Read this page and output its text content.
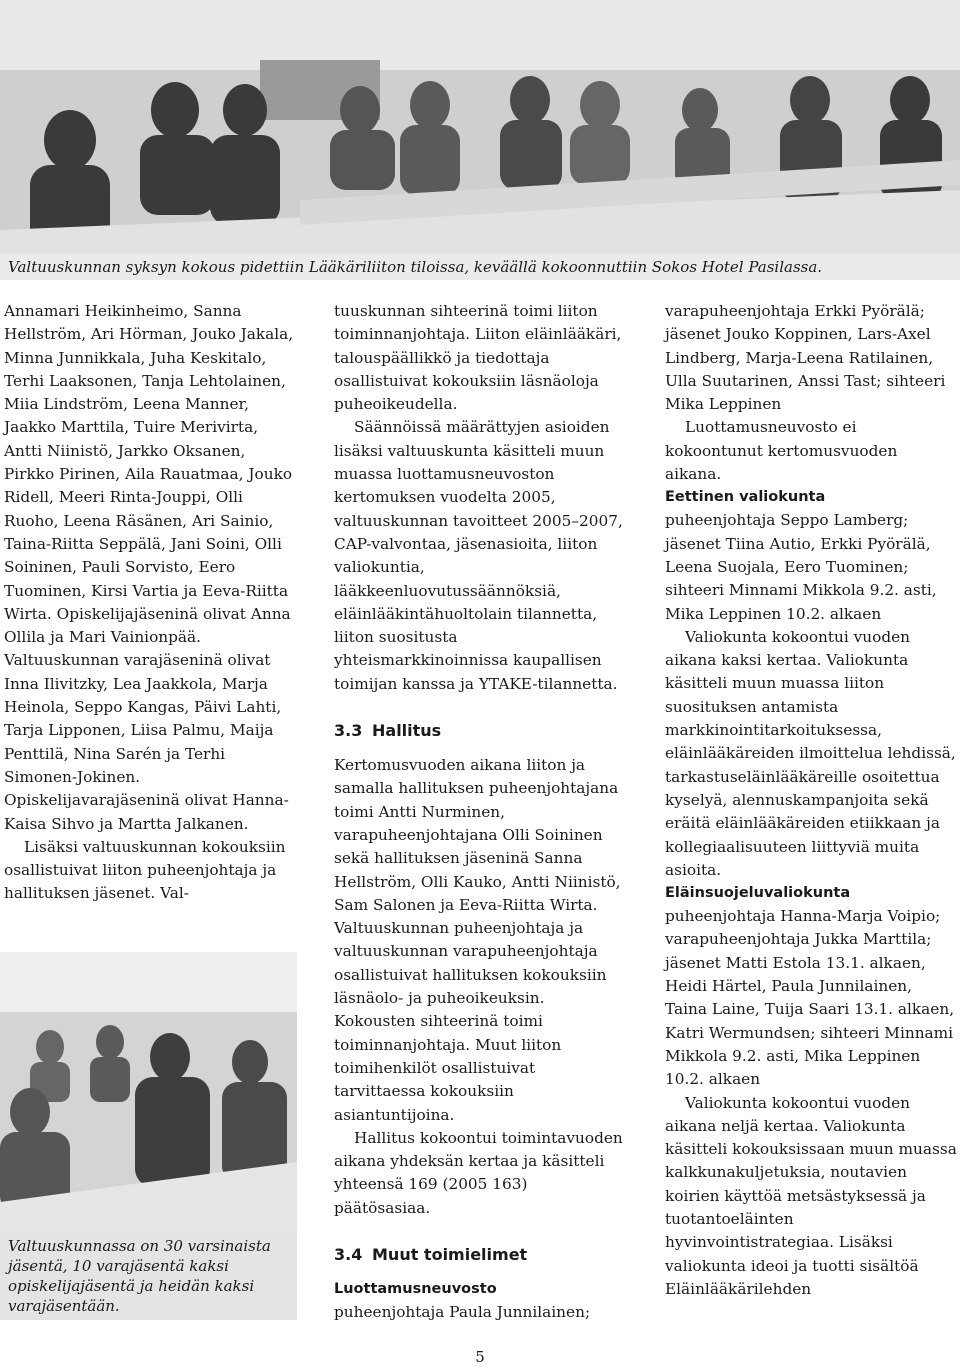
Valtuuskunnan syksyn kokous pidettiin Lääkäriliiton tiloissa, keväällä kokoonnuttiin Sokos Hotel Pasilassa.

Annamari Heikinheimo, Sanna Hellström, Ari Hörman, Jouko Jakala, Minna Junnikkala, Juha Keskitalo, Terhi Laaksonen, Tanja Lehtolainen, Miia Lindström, Leena Manner, Jaakko Marttila, Tuire Merivirta, Antti Niinistö, Jarkko Oksanen, Pirkko Pirinen, Aila Rauatmaa, Jouko Ridell, Meeri Rinta-Jouppi, Olli Ruoho, Leena Räsänen, Ari Sainio, Taina-Riitta Seppälä, Jani Soini, Olli Soininen, Pauli Sorvisto, Eero Tuominen, Kirsi Vartia ja Eeva-Riitta Wirta. Opiskelijajäseninä olivat Anna Ollila ja Mari Vainionpää. Valtuuskunnan varajäseninä olivat Inna Ilivitzky, Lea Jaakkola, Marja Heinola, Seppo Kangas, Päivi Lahti, Tarja Lipponen, Liisa Palmu, Maija Penttilä, Nina Sarén ja Terhi Simonen-Jokinen. Opiskelijavarajäseninä olivat Hanna-Kaisa Sihvo ja Martta Jalkanen.

Lisäksi valtuuskunnan kokouksiin osallistuivat liiton puheenjohtaja ja hallituksen jäsenet. Val-

Valtuuskunnassa on 30 varsinaista jäsentä, 10 varajäsentä kaksi opiskelijajäsentä ja heidän kaksi varajäsentään.

tuuskunnan sihteerinä toimi liiton toiminnanjohtaja. Liiton eläinlääkäri, talouspäällikkö ja tiedottaja osallistuivat kokouksiin läsnäoloja puheoikeudella.

Säännöissä määrättyjen asioiden lisäksi valtuuskunta käsitteli muun muassa luottamusneuvoston kertomuksen vuodelta 2005, valtuuskunnan tavoitteet 2005–2007, CAP-valvontaa, jäsenasioita, liiton valiokuntia, lääkkeenluovutussäännöksiä, eläinlääkintähuoltolain tilannetta, liiton suositusta yhteismarkkinoinnissa kaupallisen toimijan kanssa ja YTAKE-tilannetta.

3.3 Hallitus

Kertomusvuoden aikana liiton ja samalla hallituksen puheenjohtajana toimi Antti Nurminen, varapuheenjohtajana Olli Soininen sekä hallituksen jäseninä Sanna Hellström, Olli Kauko, Antti Niinistö, Sam Salonen ja Eeva-Riitta Wirta. Valtuuskunnan puheenjohtaja ja valtuuskunnan varapuheenjohtaja osallistuivat hallituksen kokouksiin läsnäolo- ja puheoikeuksin. Kokousten sihteerinä toimi toiminnanjohtaja. Muut liiton toimihenkilöt osallistuivat tarvittaessa kokouksiin asiantuntijoina.

Hallitus kokoontui toimintavuoden aikana yhdeksän kertaa ja käsitteli yhteensä 169 (2005 163) päätösasiaa.

3.4 Muut toimielimet

Luottamusneuvosto

puheenjohtaja Paula Junnilainen;

varapuheenjohtaja Erkki Pyörälä; jäsenet Jouko Koppinen, Lars-Axel Lindberg, Marja-Leena Ratilainen, Ulla Suutarinen, Anssi Tast; sihteeri Mika Leppinen

Luottamusneuvosto ei kokoontunut kertomusvuoden aikana.

Eettinen valiokunta

puheenjohtaja Seppo Lamberg; jäsenet Tiina Autio, Erkki Pyörälä, Leena Suojala, Eero Tuominen; sihteeri Minnami Mikkola 9.2. asti, Mika Leppinen 10.2. alkaen

Valiokunta kokoontui vuoden aikana kaksi kertaa. Valiokunta käsitteli muun muassa liiton suosituksen antamista markkinointitarkoituksessa, eläinlääkäreiden ilmoittelua lehdissä, tarkastuseläinlääkäreille osoitettua kyselyä, alennuskampanjoita sekä eräitä eläinlääkäreiden etiikkaan ja kollegiaalisuuteen liittyviä muita asioita.

Eläinsuojeluvaliokunta

puheenjohtaja Hanna-Marja Voipio; varapuheenjohtaja Jukka Marttila; jäsenet Matti Estola 13.1. alkaen, Heidi Härtel, Paula Junnilainen, Taina Laine, Tuija Saari 13.1. alkaen, Katri Wermundsen; sihteeri Minnami Mikkola 9.2. asti, Mika Leppinen 10.2. alkaen

Valiokunta kokoontui vuoden aikana neljä kertaa. Valiokunta käsitteli kokouksissaan muun muassa kalkkunakuljetuksia, noutavien koirien käyttöä metsästyksessä ja tuotantoeläinten hyvinvointistrategiaa. Lisäksi valiokunta ideoi ja tuotti sisältöä Eläinlääkärilehden

5
